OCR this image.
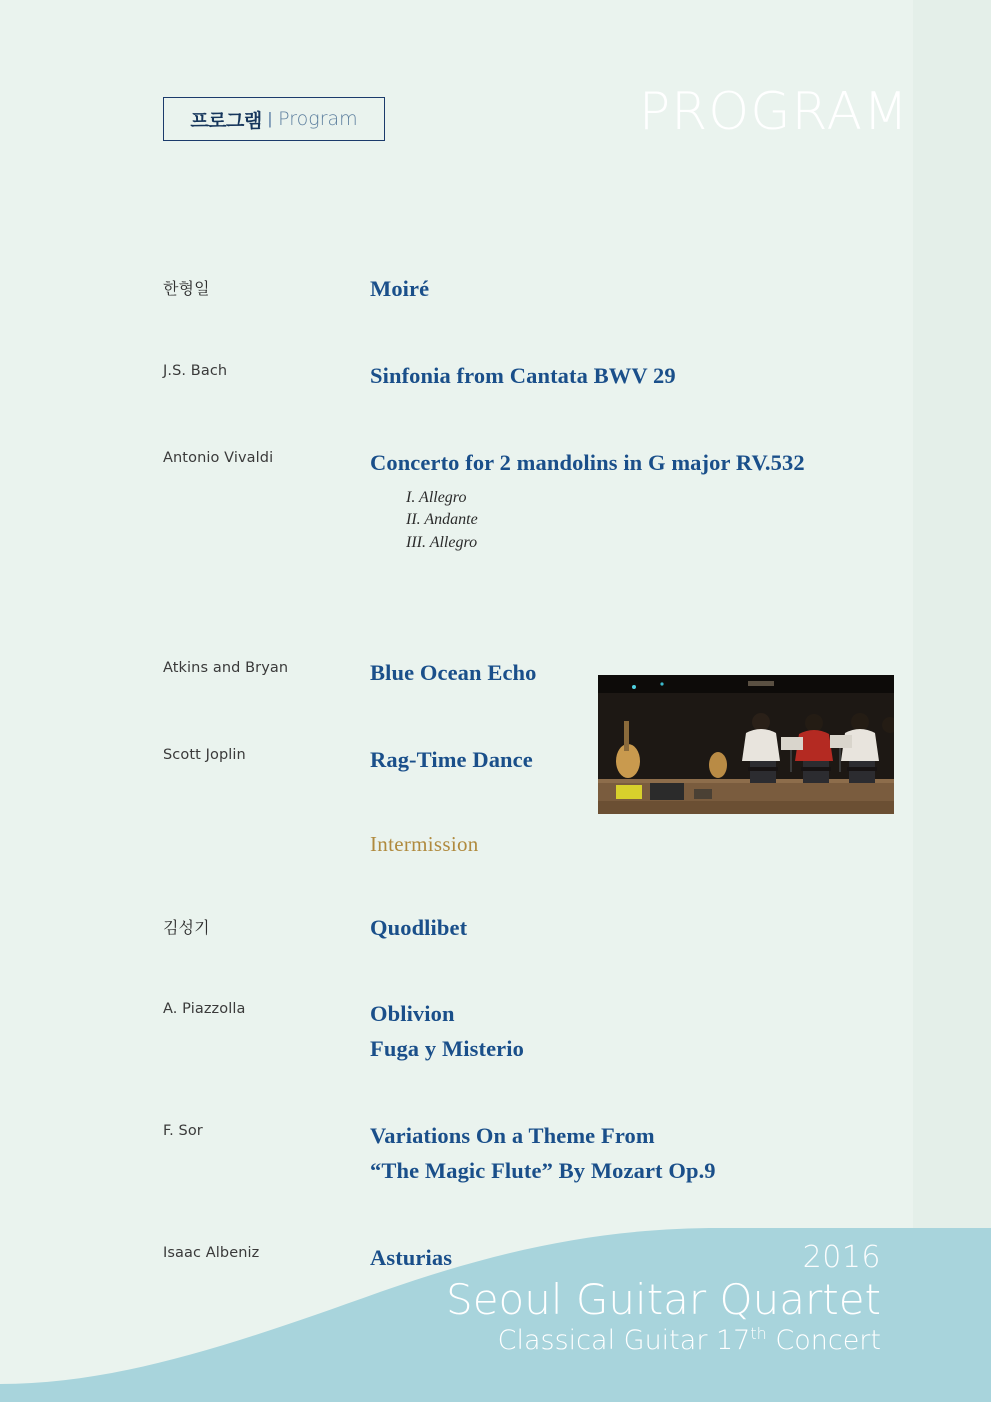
PROGRAM
프로그램 | Program
한형일	Moiré
J.S. Bach	Sinfonia from Cantata BWV 29
Antonio Vivaldi	Concerto for 2 mandolins in G major RV.532
I. Allegro
II. Andante
III. Allegro
Atkins and Bryan	Blue Ocean Echo
Scott Joplin	Rag-Time Dance
Intermission
김성기	Quodlibet
A. Piazzolla	Oblivion
Fuga y Misterio
F. Sor	Variations On a Theme From
“The Magic Flute” By Mozart Op.9
Isaac Albeniz	Asturias	2016
Seoul Guitar Quartet
Classical Guitar 17th Concert
